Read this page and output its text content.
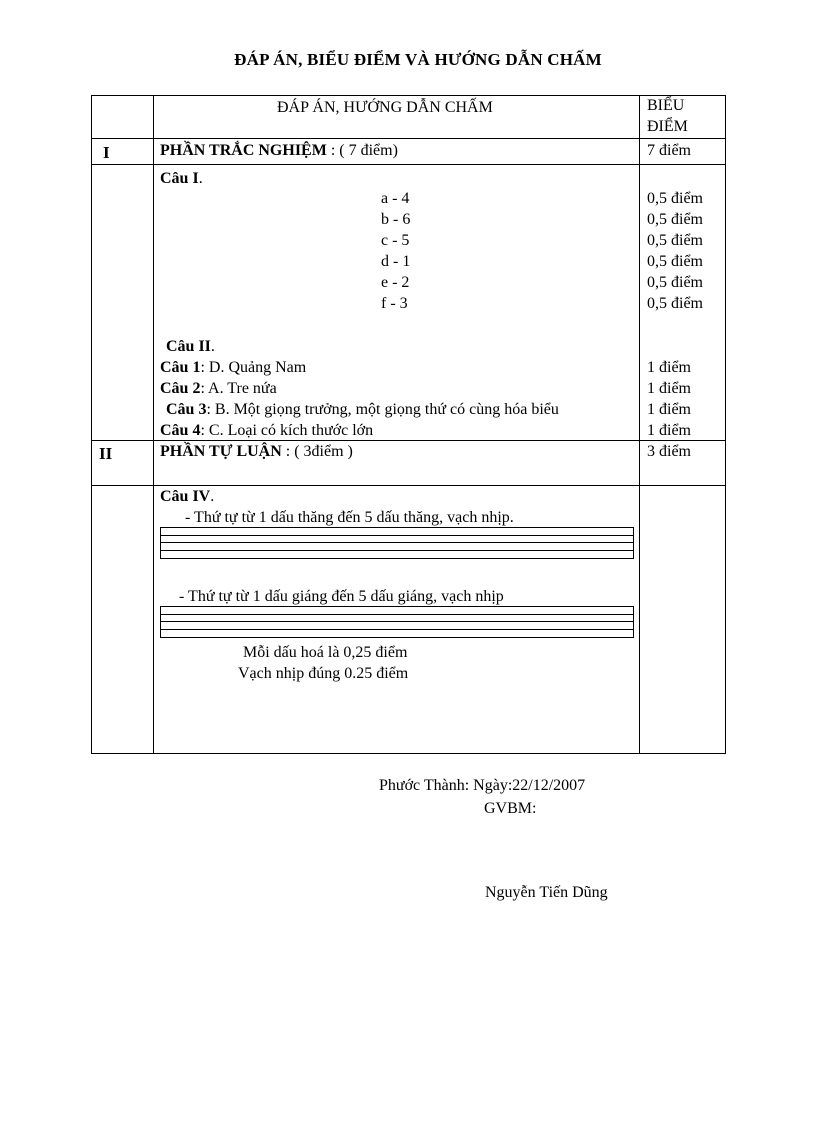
ĐÁP ÁN, BIỂU ĐIỂM VÀ HƯỚNG DẪN CHẤM
ĐÁP ÁN, HƯỚNG DẪN CHẤM	BIỂU
ĐIỂM
I	PHẦN TRẮC NGHIỆM : ( 7 điểm)	7 điểm
Câu I.
a - 4	0,5 điểm
b - 6	0,5 điểm
c - 5	0,5 điểm
d - 1	0,5 điểm
e - 2	0,5 điểm
f - 3	0,5 điểm
Câu II.
Câu 1: D. Quảng Nam	1 điểm
Câu 2: A. Tre nứa	1 điểm
Câu 3: B. Một giọng trưởng, một giọng thứ có cùng hóa biểu	1 điểm
Câu 4: C. Loại có kích thước lớn	1 điểm
II	PHẦN TỰ LUẬN : ( 3điểm )	3 điểm
Câu IV.
- Thứ tự từ 1 dấu thăng đến 5 dấu thăng, vạch nhịp.
- Thứ tự từ 1 dấu giáng đến 5 dấu giáng, vạch nhịp
Mỗi dấu hoá là 0,25 điểm
Vạch nhịp đúng 0.25 điểm
Phước Thành: Ngày:22/12/2007
GVBM:
Nguyễn Tiến Dũng
